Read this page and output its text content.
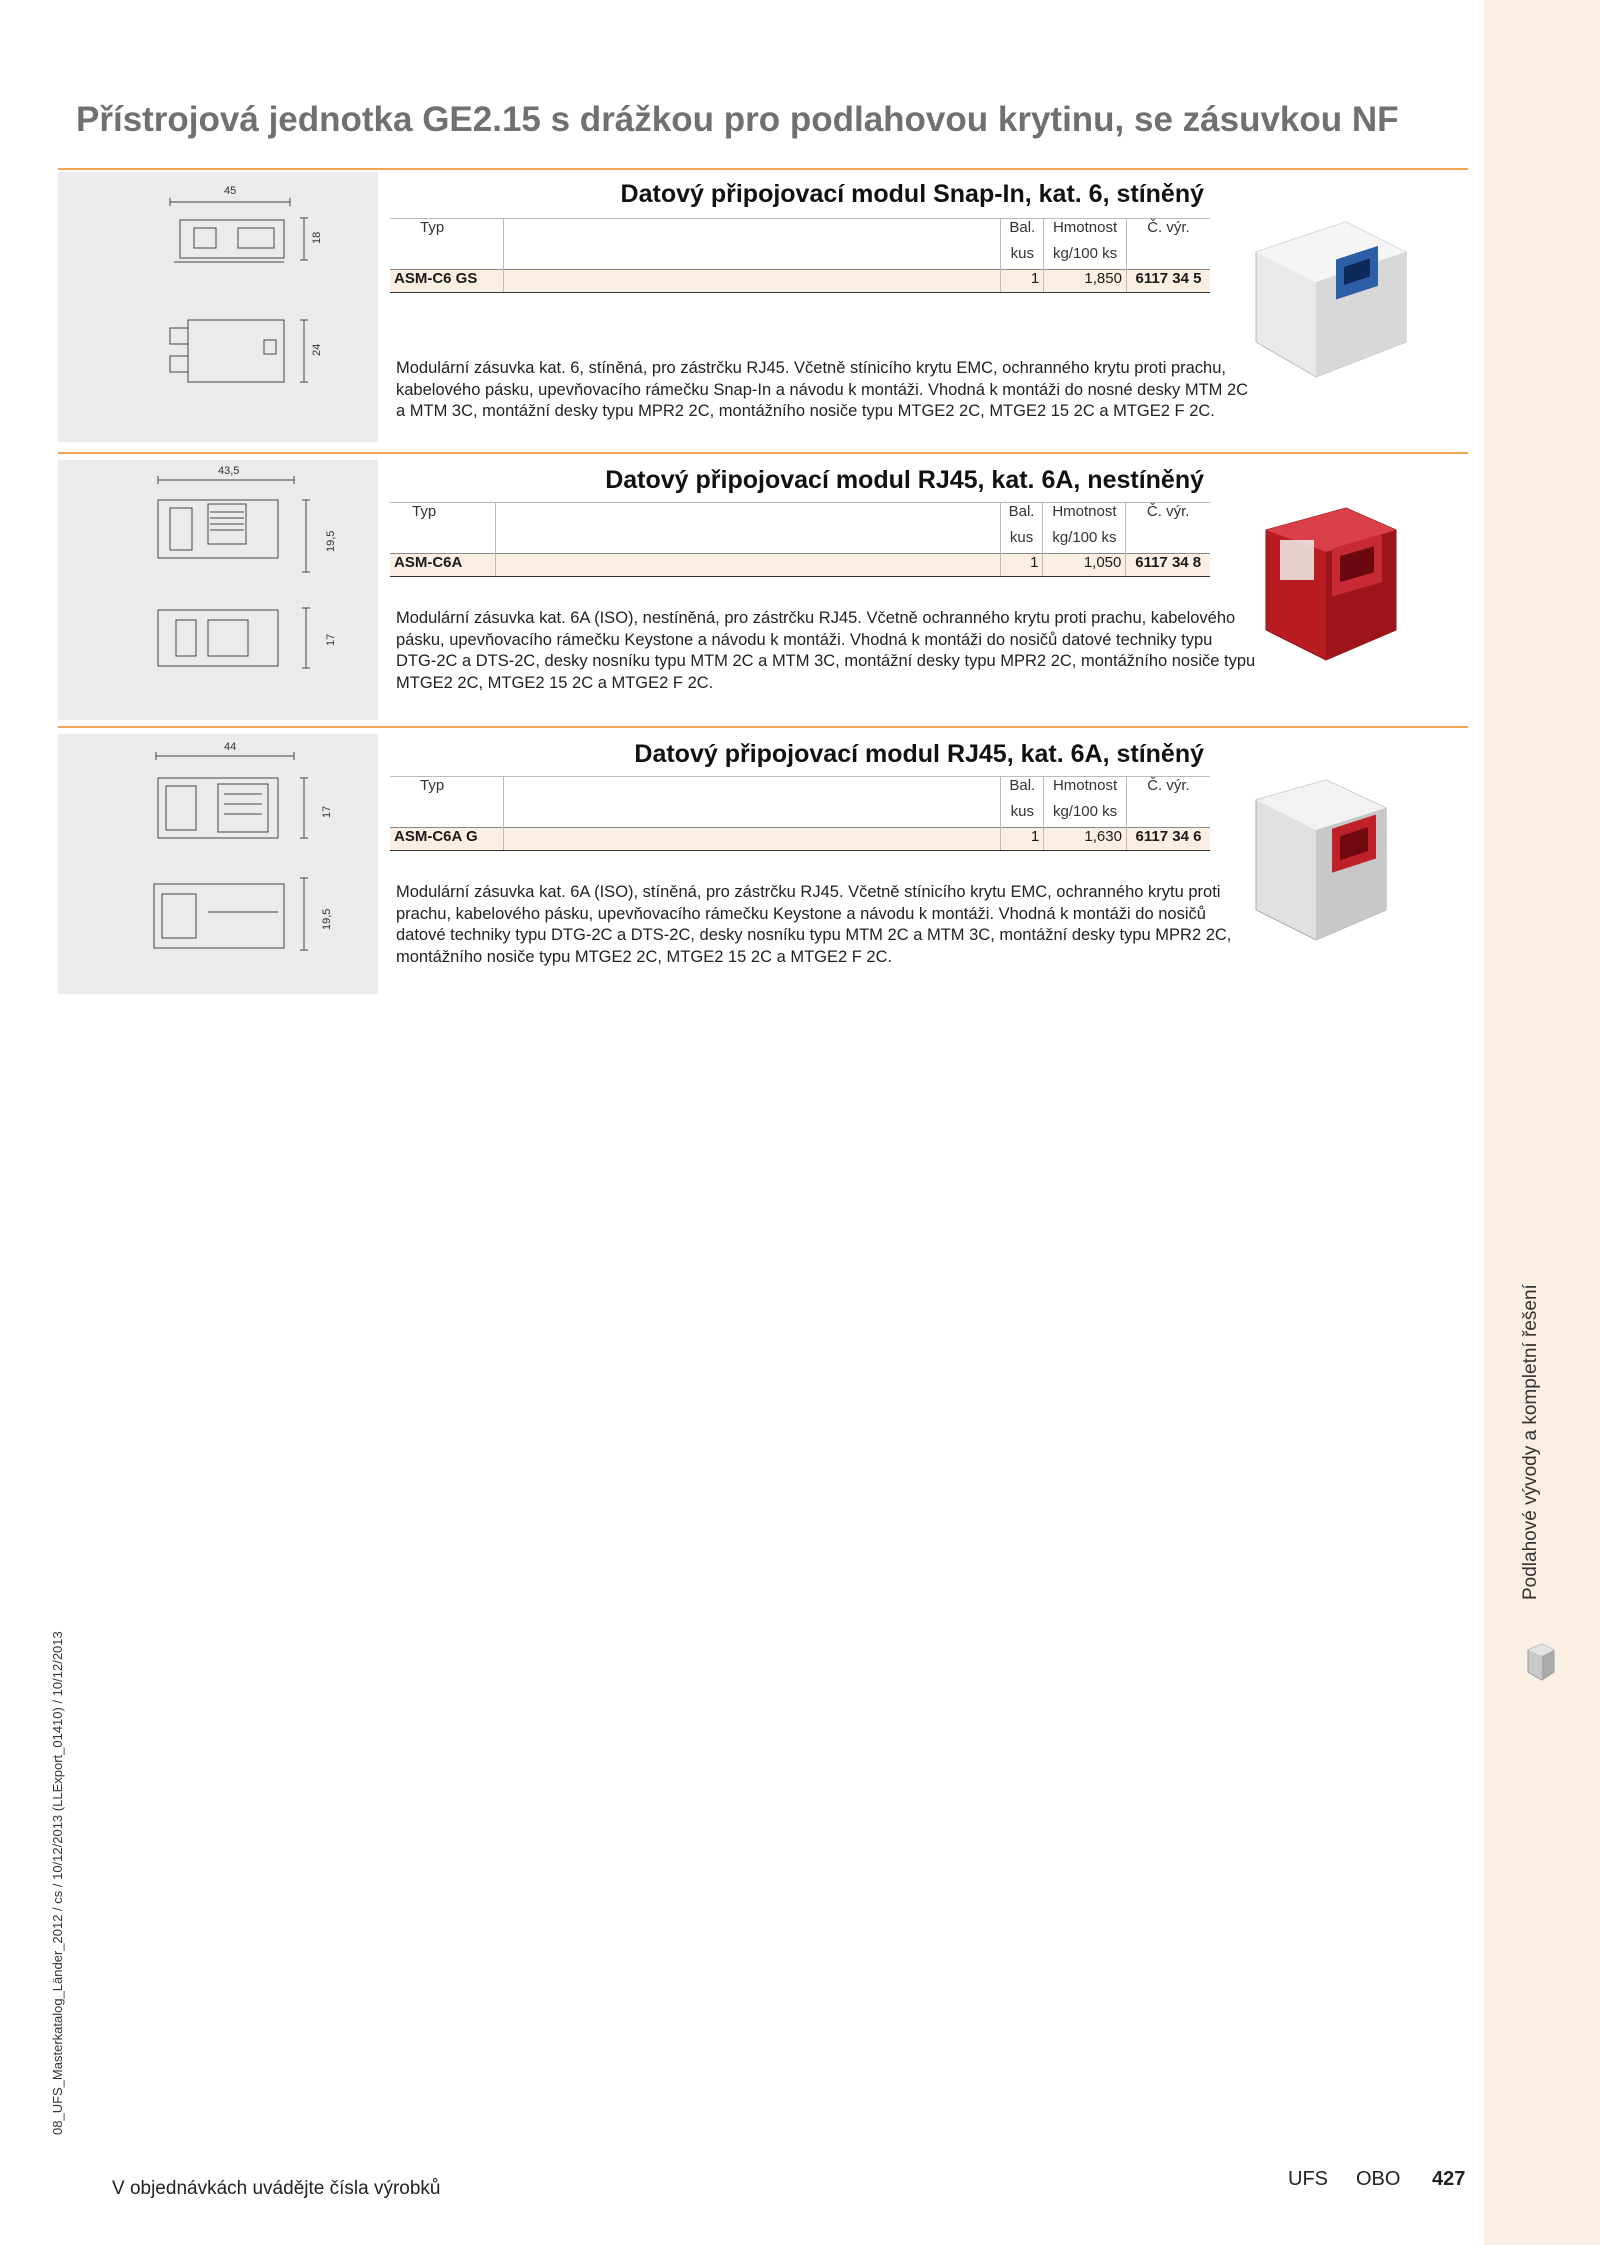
Podlahové vývody a kompletní řešení
Přístrojová jednotka GE2.15 s drážkou pro podlahovou krytinu, se zásuvkou NF
45
18
24
Datový připojovací modul Snap-In, kat. 6, stíněný
Typ		Bal.	Hmotnost	Č. výr.
		kus	kg/100 ks	
ASM-C6 GS		1	1,850	6117 34 5
Modulární zásuvka kat. 6, stíněná, pro zástrčku RJ45. Včetně stínicího krytu EMC, ochranného krytu proti prachu, kabelového pásku, upevňovacího rámečku Snap-In a návodu k montáži. Vhodná k montáži do nosné desky MTM 2C a MTM 3C, montážní desky typu MPR2 2C, montážního nosiče typu MTGE2 2C, MTGE2 15 2C a MTGE2 F 2C.
43,5
19,5
17
Datový připojovací modul RJ45, kat. 6A, nestíněný
Typ		Bal.	Hmotnost	Č. výr.
		kus	kg/100 ks	
ASM-C6A		1	1,050	6117 34 8
Modulární zásuvka kat. 6A (ISO), nestíněná, pro zástrčku RJ45. Včetně ochranného krytu proti prachu, kabelového pásku, upevňovacího rámečku Keystone a návodu k montáži. Vhodná k montáži do nosičů datové techniky typu DTG-2C a DTS-2C, desky nosníku typu MTM 2C a MTM 3C, montážní desky typu MPR2 2C, montážního nosiče typu MTGE2 2C, MTGE2 15 2C a MTGE2 F 2C.
44
17
19,5
Datový připojovací modul RJ45, kat. 6A, stíněný
Typ		Bal.	Hmotnost	Č. výr.
		kus	kg/100 ks	
ASM-C6A G		1	1,630	6117 34 6
Modulární zásuvka kat. 6A (ISO), stíněná, pro zástrčku RJ45. Včetně stínicího krytu EMC, ochranného krytu proti prachu, kabelového pásku, upevňovacího rámečku Keystone a návodu k montáži. Vhodná k montáži do nosičů datové techniky typu DTG-2C a DTS-2C, desky nosníku typu MTM 2C a MTM 3C, montážní desky typu MPR2 2C, montážního nosiče typu MTGE2 2C, MTGE2 15 2C a MTGE2 F 2C.
V objednávkách uvádějte čísla výrobků	UFS OBO 427
08_UFS_Masterkatalog_Länder_2012 / cs / 10/12/2013 (LLExport_01410) / 10/12/2013
